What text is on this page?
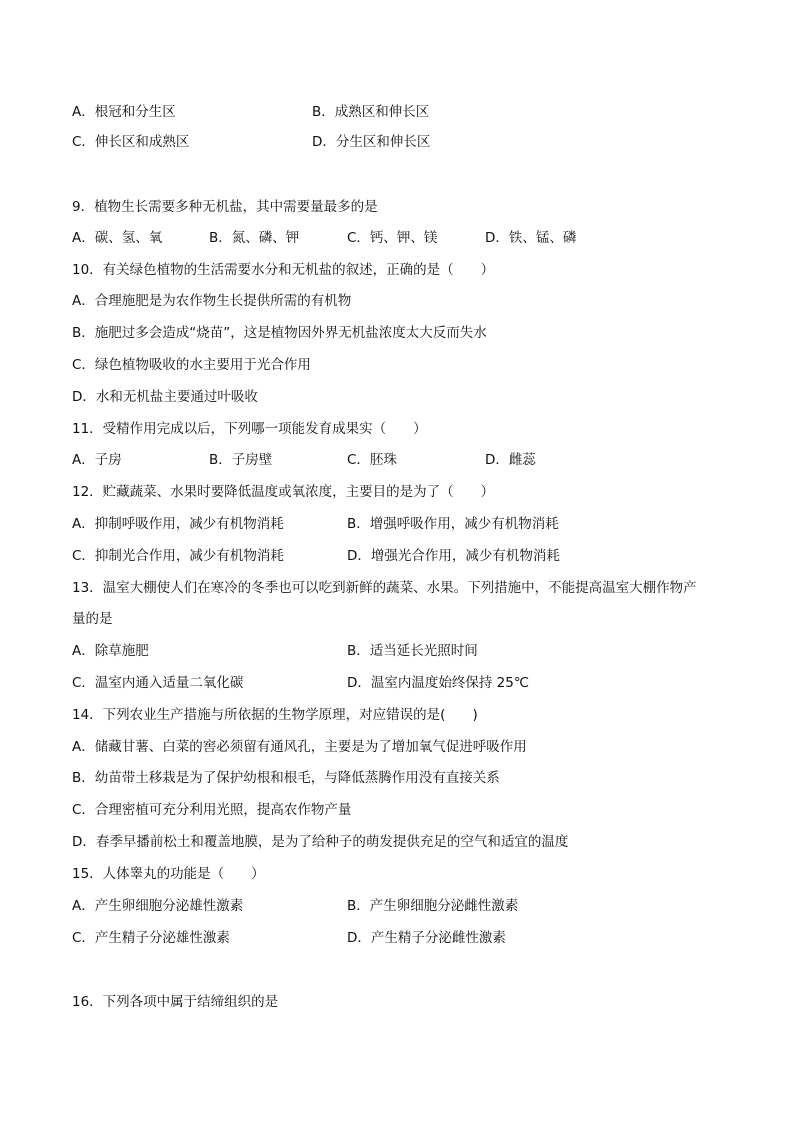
A．根冠和分生区	B．成熟区和伸长区
C．伸长区和成熟区	D．分生区和伸长区
9．植物生长需要多种无机盐，其中需要量最多的是
A．碳、氢、氧	B．氮、磷、钾	C．钙、钾、镁	D．铁、锰、磷
10．有关绿色植物的生活需要水分和无机盐的叙述，正确的是（　　）
A．合理施肥是为农作物生长提供所需的有机物
B．施肥过多会造成“烧苗”，这是植物因外界无机盐浓度太大反而失水
C．绿色植物吸收的水主要用于光合作用
D．水和无机盐主要通过叶吸收
11．受精作用完成以后，下列哪一项能发育成果实（　　）
A．子房	B．子房壁	C．胚珠	D．雌蕊
12．贮藏蔬菜、水果时要降低温度或氧浓度，主要目的是为了（　　）
A．抑制呼吸作用，减少有机物消耗	B．增强呼吸作用，减少有机物消耗
C．抑制光合作用，减少有机物消耗	D．增强光合作用，减少有机物消耗
13．温室大棚使人们在寒冷的冬季也可以吃到新鲜的蔬菜、水果。下列措施中，不能提高温室大棚作物产
量的是
A．除草施肥	B．适当延长光照时间
C．温室内通入适量二氧化碳	D．温室内温度始终保持 25℃
14．下列农业生产措施与所依据的生物学原理，对应错误的是(　　)
A．储藏甘薯、白菜的窖必须留有通风孔，主要是为了增加氧气促进呼吸作用
B．幼苗带土移栽是为了保护幼根和根毛，与降低蒸腾作用没有直接关系
C．合理密植可充分利用光照，提高农作物产量
D．春季早播前松土和覆盖地膜，是为了给种子的萌发提供充足的空气和适宜的温度
15．人体睾丸的功能是（　　）
A．产生卵细胞分泌雄性激素	B．产生卵细胞分泌雌性激素
C．产生精子分泌雄性激素	D．产生精子分泌雌性激素
16．下列各项中属于结缔组织的是
